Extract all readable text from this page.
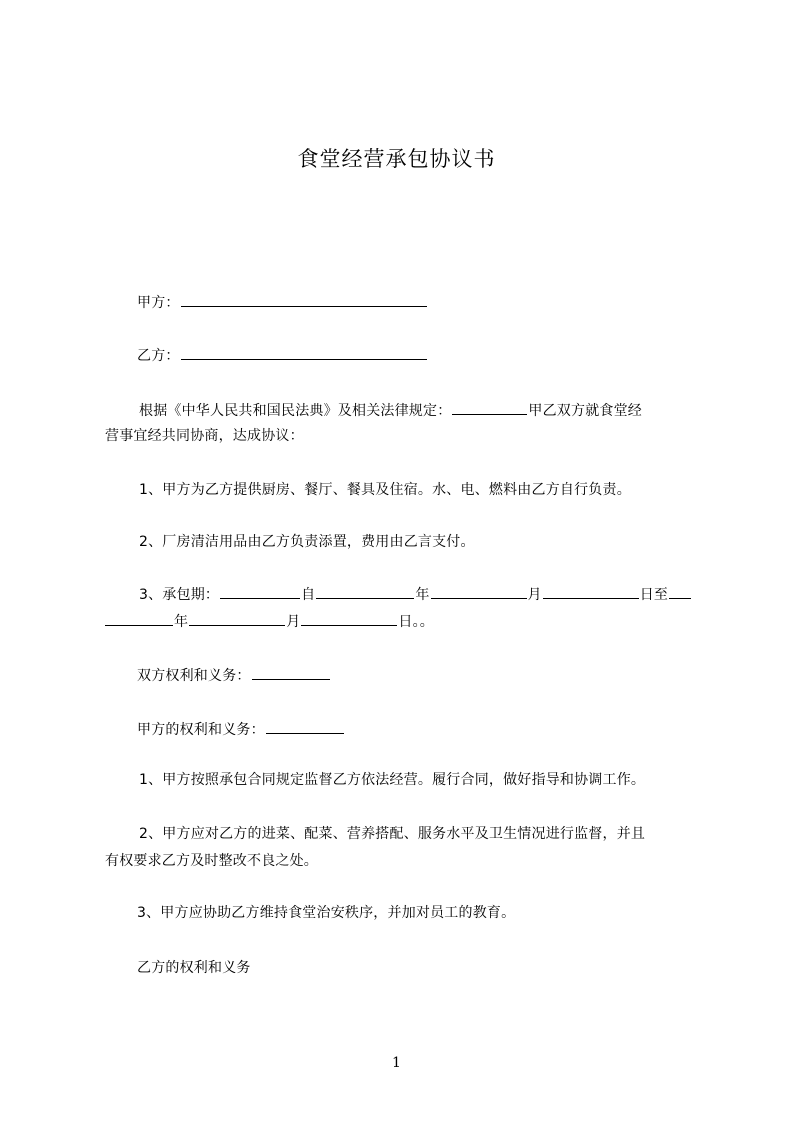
食堂经营承包协议书
甲方：
乙方：
根据《中华人民共和国民法典》及相关法律规定：	甲乙双方就食堂经
营事宜经共同协商，达成协议：
1、甲方为乙方提供厨房、餐厅、餐具及住宿。水、电、燃料由乙方自行负责。
2、厂房清洁用品由乙方负责添置，费用由乙言支付。
3、承包期：	自	年	月	日至
年	月	日。。
双方权利和义务：
甲方的权利和义务：
1、甲方按照承包合同规定监督乙方依法经营。履行合同，做好指导和协调工作。
2、甲方应对乙方的进菜、配菜、营养搭配、服务水平及卫生情况进行监督，并且
有权要求乙方及时整改不良之处。
3、甲方应协助乙方维持食堂治安秩序，并加对员工的教育。
乙方的权利和义务
1
